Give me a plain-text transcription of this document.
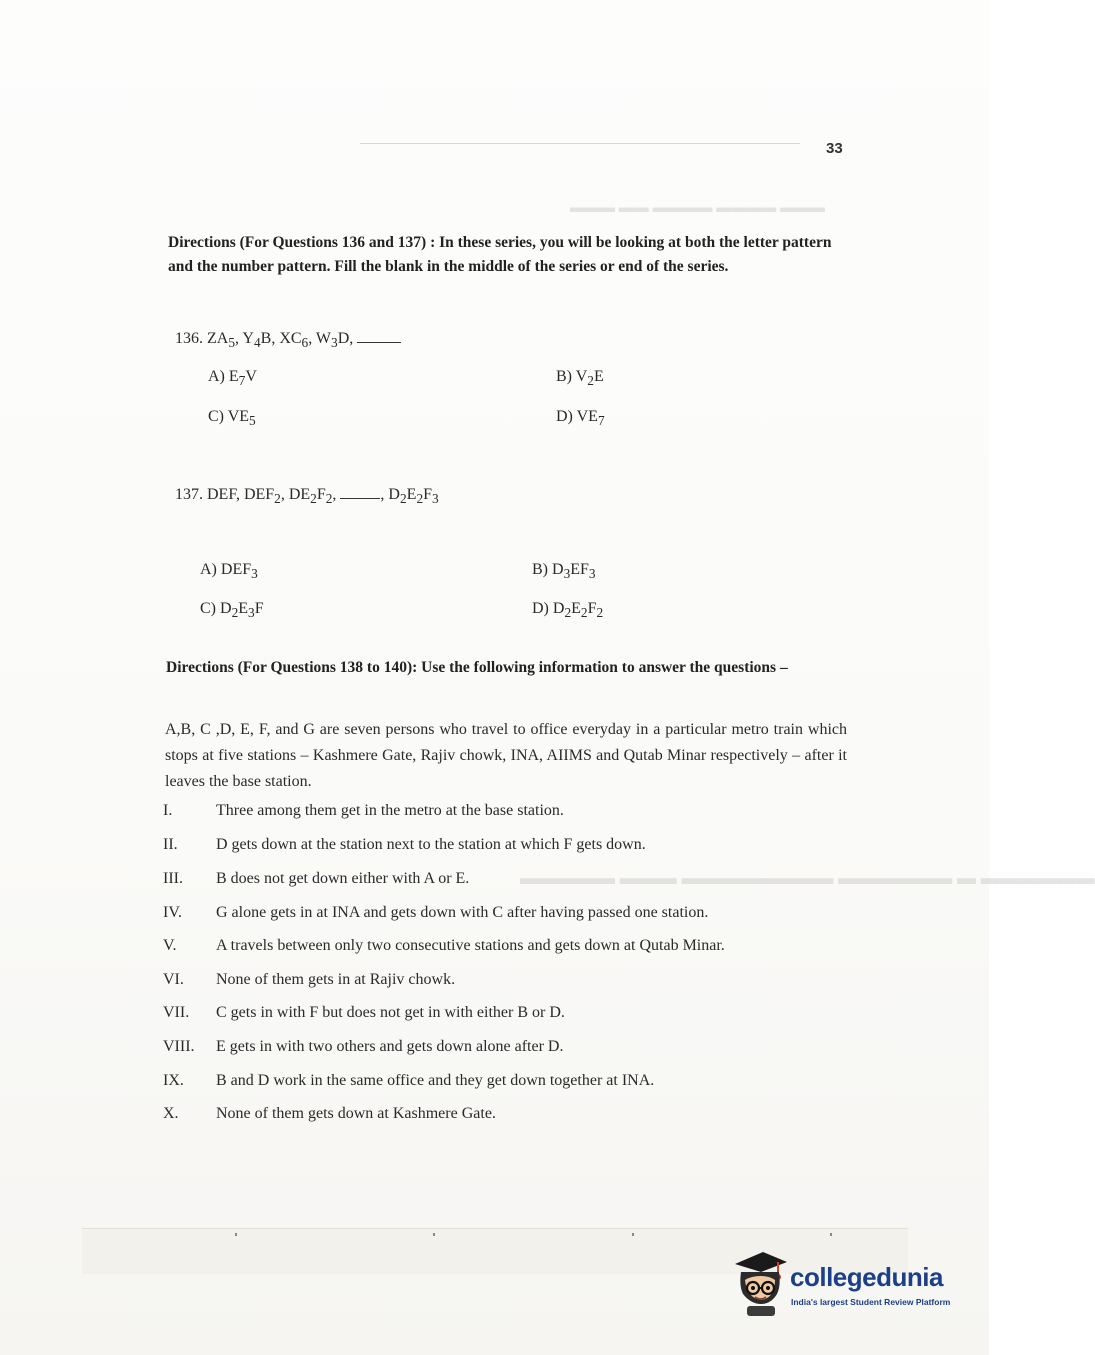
33
▬▬▬ ▬▬▬▬ ▬▬▬▬ ▬▬ ▬▬▬
▬▬▬▬▬▬ ▬ ▬▬▬▬▬▬ ▬▬▬▬▬▬▬▬ ▬▬▬ ▬▬▬▬▬
Directions (For Questions 136 and 137) : In these series, you will be looking at both the letter pattern and the number pattern. Fill the blank in the middle of the series or end of the series.
136. $ZA_5$, $Y_4B$, $XC_6$, $W_3D$,
A) $E_7V$	B) $V_2E$
C) $VE_5$	D) $VE_7$
137. DEF, $DEF_2$, $DE_2F_2$,	, $D_2E_2F_3$
A) $DEF_3$	B) $D_3EF_3$
C) $D_2E_3F$	D) $D_2E_2F_2$
Directions (For Questions 138 to 140): Use the following information to answer the questions –
A,B, C ,D, E, F, and G are seven persons who travel to office everyday in a particular metro train which stops at five stations – Kashmere Gate, Rajiv chowk, INA, AIIMS and Qutab Minar respectively – after it leaves the base station.
I.	Three among them get in the metro at the base station.
II. D gets down at the station next to the station at which F gets down.
III. B does not get down either with A or E.
IV. G alone gets in at INA and gets down with C after having passed one station.
V. A travels between only two consecutive stations and gets down at Qutab Minar.
VI. None of them gets in at Rajiv chowk.
VII. C gets in with F but does not get in with either B or D.
VIII. E gets in with two others and gets down alone after D.
IX. B and D work in the same office and they get down together at INA.
X. None of them gets down at Kashmere Gate.
collegedunia
India's largest Student Review Platform
